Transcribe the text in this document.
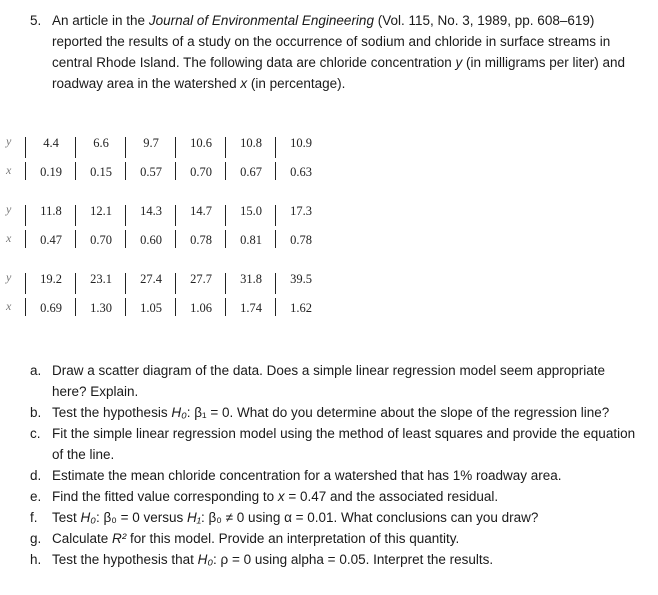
5. An article in the Journal of Environmental Engineering (Vol. 115, No. 3, 1989, pp. 608–619) reported the results of a study on the occurrence of sodium and chloride in surface streams in central Rhode Island. The following data are chloride concentration y (in milligrams per liter) and roadway area in the watershed x (in percentage).
y	4.4	6.6	9.7	10.6	10.8	10.9
x	0.19	0.15	0.57	0.70	0.67	0.63
y	11.8	12.1	14.3	14.7	15.0	17.3
x	0.47	0.70	0.60	0.78	0.81	0.78
y	19.2	23.1	27.4	27.7	31.8	39.5
x	0.69	1.30	1.05	1.06	1.74	1.62
a. Draw a scatter diagram of the data. Does a simple linear regression model seem appropriate here? Explain.
b. Test the hypothesis H₀: β₁ = 0. What do you determine about the slope of the regression line?
c. Fit the simple linear regression model using the method of least squares and provide the equation of the line.
d. Estimate the mean chloride concentration for a watershed that has 1% roadway area.
e. Find the fitted value corresponding to x = 0.47 and the associated residual.
f. Test H₀: β₀ = 0 versus H₁: β₀ ≠ 0 using α = 0.01. What conclusions can you draw?
g. Calculate R² for this model. Provide an interpretation of this quantity.
h. Test the hypothesis that H₀: ρ = 0 using alpha = 0.05. Interpret the results.
